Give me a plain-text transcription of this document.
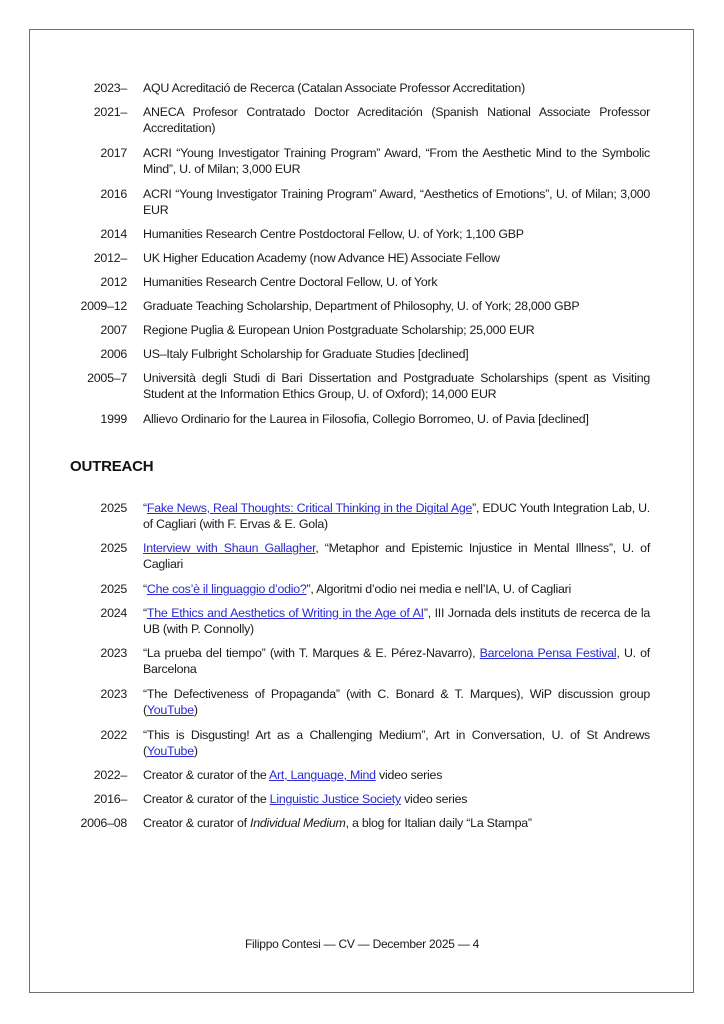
2023– AQU Acreditació de Recerca (Catalan Associate Professor Accreditation)
2021– ANECA Profesor Contratado Doctor Acreditación (Spanish National Associate Professor Accreditation)
2017 ACRI “Young Investigator Training Program” Award, “From the Aesthetic Mind to the Symbolic Mind”, U. of Milan; 3,000 EUR
2016 ACRI “Young Investigator Training Program” Award, “Aesthetics of Emotions”, U. of Milan; 3,000 EUR
2014 Humanities Research Centre Postdoctoral Fellow, U. of York; 1,100 GBP
2012– UK Higher Education Academy (now Advance HE) Associate Fellow
2012 Humanities Research Centre Doctoral Fellow, U. of York
2009–12 Graduate Teaching Scholarship, Department of Philosophy, U. of York; 28,000 GBP
2007 Regione Puglia & European Union Postgraduate Scholarship; 25,000 EUR
2006 US–Italy Fulbright Scholarship for Graduate Studies [declined]
2005–7 Università degli Studi di Bari Dissertation and Postgraduate Scholarships (spent as Visiting Student at the Information Ethics Group, U. of Oxford); 14,000 EUR
1999 Allievo Ordinario for the Laurea in Filosofia, Collegio Borromeo, U. of Pavia [declined]
OUTREACH
2025 “Fake News, Real Thoughts: Critical Thinking in the Digital Age”, EDUC Youth Integration Lab, U. of Cagliari (with F. Ervas & E. Gola)
2025 Interview with Shaun Gallagher, “Metaphor and Epistemic Injustice in Mental Illness”, U. of Cagliari
2025 “Che cos’è il linguaggio d’odio?”, Algoritmi d’odio nei media e nell’IA, U. of Cagliari
2024 “The Ethics and Aesthetics of Writing in the Age of AI”, III Jornada dels instituts de recerca de la UB (with P. Connolly)
2023 “La prueba del tiempo” (with T. Marques & E. Pérez-Navarro), Barcelona Pensa Festival, U. of Barcelona
2023 “The Defectiveness of Propaganda” (with C. Bonard & T. Marques), WiP discussion group (YouTube)
2022 “This is Disgusting! Art as a Challenging Medium”, Art in Conversation, U. of St Andrews (YouTube)
2022– Creator & curator of the Art, Language, Mind video series
2016– Creator & curator of the Linguistic Justice Society video series
2006–08 Creator & curator of Individual Medium, a blog for Italian daily “La Stampa”
Filippo Contesi — CV — December 2025 — 4
